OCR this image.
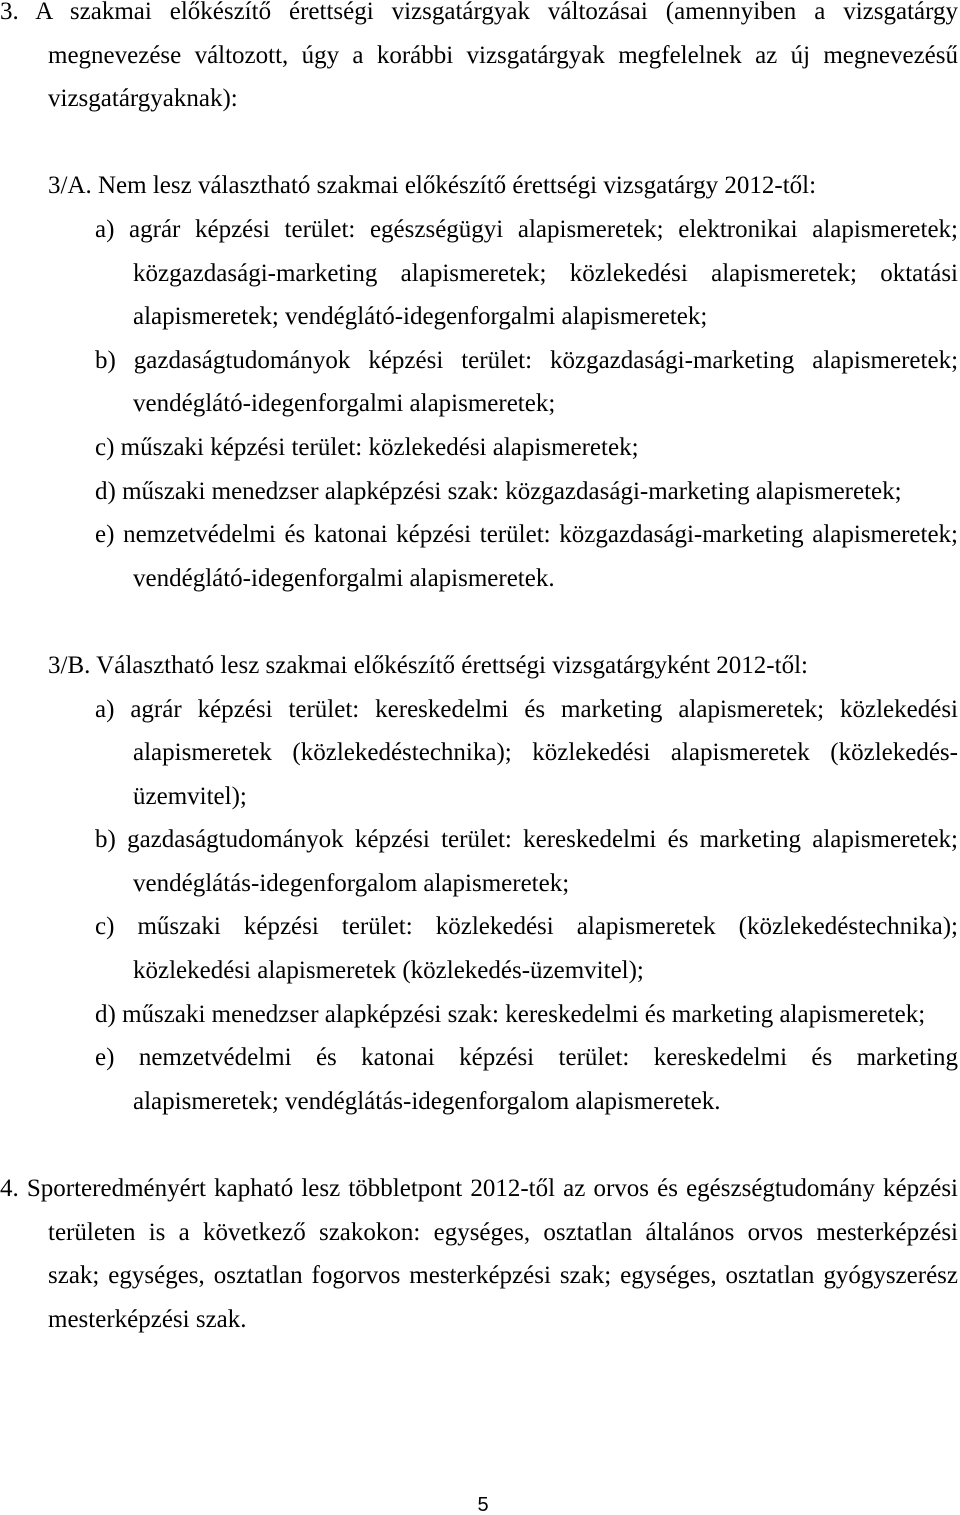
3. A szakmai előkészítő érettségi vizsgatárgyak változásai (amennyiben a vizsgatárgy
megnevezése változott, úgy a korábbi vizsgatárgyak megfelelnek az új megnevezésű
vizsgatárgyaknak):
3/A. Nem lesz választható szakmai előkészítő érettségi vizsgatárgy 2012-től:
a) agrár képzési terület: egészségügyi alapismeretek; elektronikai alapismeretek;
közgazdasági-marketing alapismeretek; közlekedési alapismeretek; oktatási
alapismeretek; vendéglátó-idegenforgalmi alapismeretek;
b) gazdaságtudományok képzési terület: közgazdasági-marketing alapismeretek;
vendéglátó-idegenforgalmi alapismeretek;
c) műszaki képzési terület: közlekedési alapismeretek;
d) műszaki menedzser alapképzési szak: közgazdasági-marketing alapismeretek;
e) nemzetvédelmi és katonai képzési terület: közgazdasági-marketing alapismeretek;
vendéglátó-idegenforgalmi alapismeretek.
3/B. Választható lesz szakmai előkészítő érettségi vizsgatárgyként 2012-től:
a) agrár képzési terület: kereskedelmi és marketing alapismeretek; közlekedési
alapismeretek (közlekedéstechnika); közlekedési alapismeretek (közlekedés-
üzemvitel);
b) gazdaságtudományok képzési terület: kereskedelmi és marketing alapismeretek;
vendéglátás-idegenforgalom alapismeretek;
c) műszaki képzési terület: közlekedési alapismeretek (közlekedéstechnika);
közlekedési alapismeretek (közlekedés-üzemvitel);
d) műszaki menedzser alapképzési szak: kereskedelmi és marketing alapismeretek;
e) nemzetvédelmi és katonai képzési terület: kereskedelmi és marketing
alapismeretek; vendéglátás-idegenforgalom alapismeretek.
4. Sporteredményért kapható lesz többletpont 2012-től az orvos és egészségtudomány képzési
területen is a következő szakokon: egységes, osztatlan általános orvos mesterképzési
szak; egységes, osztatlan fogorvos mesterképzési szak; egységes, osztatlan gyógyszerész
mesterképzési szak.
5
